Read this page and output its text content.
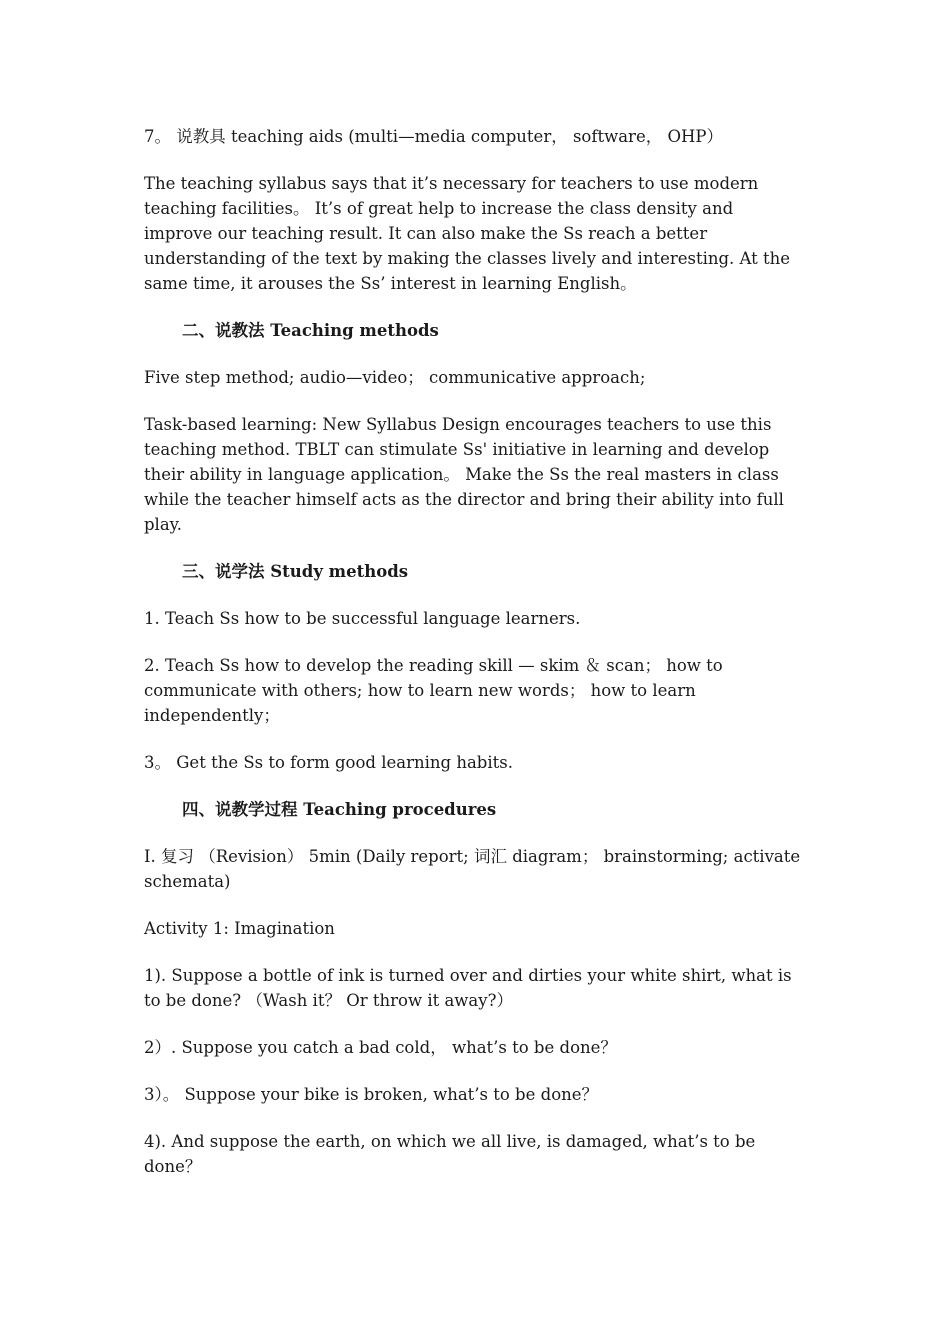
7。 说教具 teaching aids (multi—media computer， software， OHP）

The teaching syllabus says that it’s necessary for teachers to use modern teaching facilities。 It’s of great help to increase the class density and improve our teaching result. It can also make the Ss reach a better understanding of the text by making the classes lively and interesting. At the same time, it arouses the Ss’ interest in learning English。

二、说教法 Teaching methods

Five step method; audio—video； communicative approach;

Task-based learning: New Syllabus Design encourages teachers to use this teaching method. TBLT can stimulate Ss' initiative in learning and develop their ability in language application。 Make the Ss the real masters in class while the teacher himself acts as the director and bring their ability into full play.

三、说学法 Study methods

1. Teach Ss how to be successful language learners.

2. Teach Ss how to develop the reading skill — skim ＆ scan； how to communicate with others; how to learn new words； how to learn independently；

3。 Get the Ss to form good learning habits.

四、说教学过程 Teaching procedures

I. 复习 （Revision） 5min (Daily report; 词汇 diagram； brainstorming; activate schemata)

Activity 1: Imagination

1). Suppose a bottle of ink is turned over and dirties your white shirt, what is to be done? （Wash it？ Or throw it away?）

2）. Suppose you catch a bad cold， what’s to be done？

3）。 Suppose your bike is broken, what’s to be done？

4). And suppose the earth, on which we all live, is damaged, what’s to be done？
